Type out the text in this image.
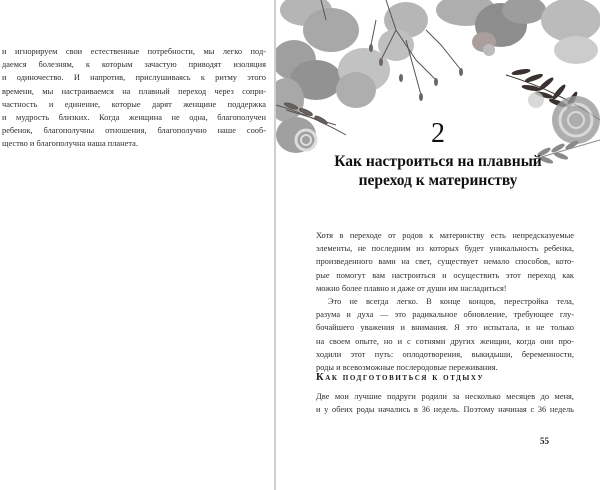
и игнорируем свои естественные потребности, мы легко под-
даемся болезням, к которым зачастую приводят изоляция
и одиночество. И напротив, прислушиваясь к ритму этого
времени, мы настраиваемся на плавный переход через сопри-
частность и единение, которые дарят женщине поддержка
и мудрость близких. Когда женщина не одна, благополучен
ребенок, благополучны отношения, благополучно наше сооб-
щество и благополучна наша планета.	2
Как настроиться на плавный
переход к материнству
Хотя в переходе от родов к материнству есть непредсказуемые
элементы, не последним из которых будет уникальность ребенка,
произведенного вами на свет, существует немало способов, кото-
рые помогут вам настроиться и осуществить этот переход как
можно более плавно и даже от души им насладиться!
Это не всегда легко. В конце концов, перестройка тела,
разума и духа — это радикальное обновление, требующее глу-
бочайшего уважения и внимания. Я это испытала, и не только
на своем опыте, но и с сотнями других женщин, когда они про-
ходили этот путь: оплодотворения, выкидыши, беременности,
роды и всевозможные послеродовые переживания.
Как подготовиться к отдыху
Две мои лучшие подруги родили за несколько месяцев до меня,
и у обеих роды начались в 36 недель. Поэтому начиная с 36 недель
55
